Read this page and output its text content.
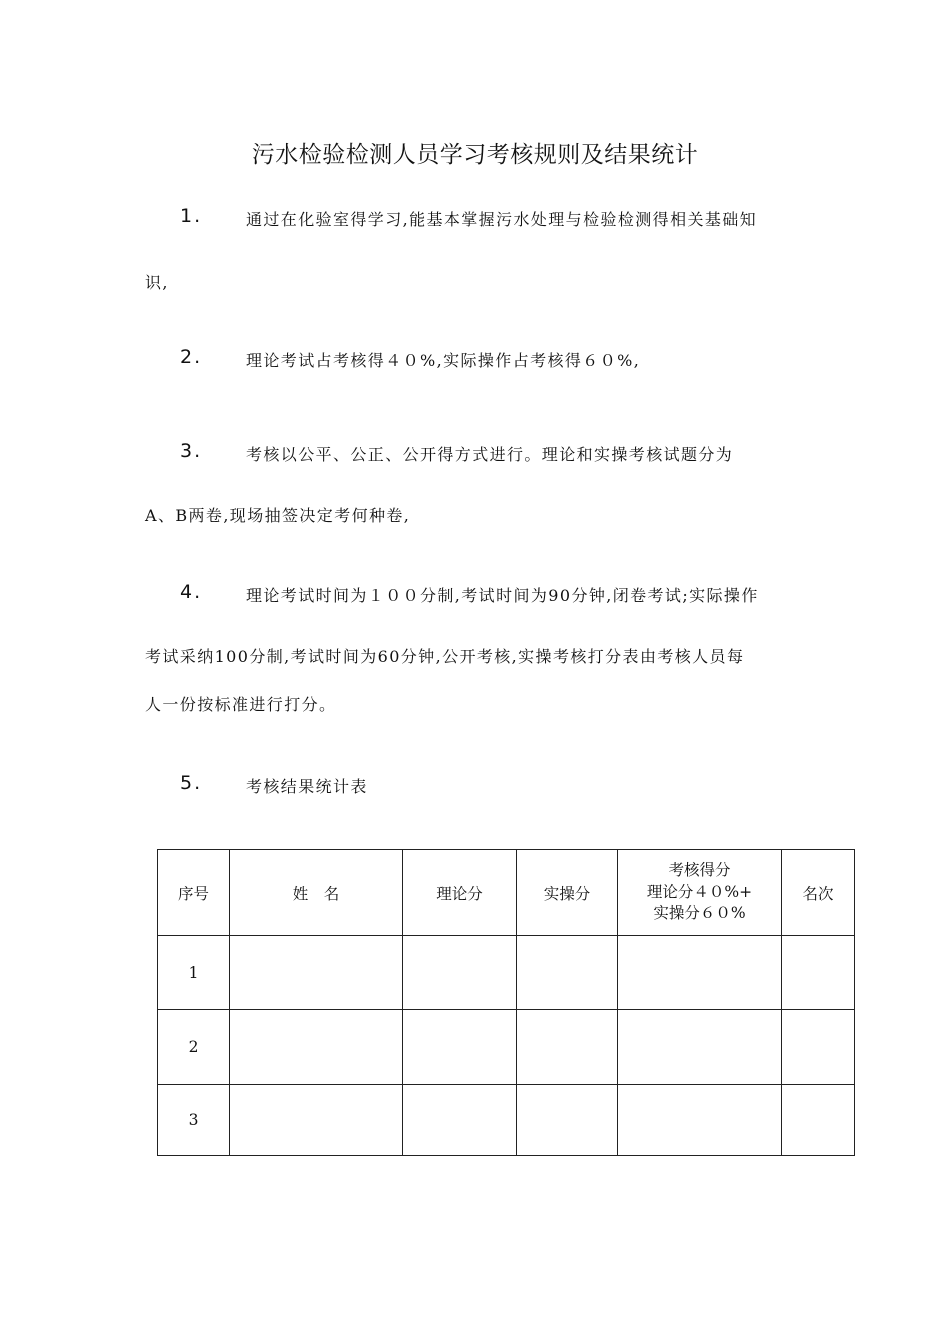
污水检验检测人员学习考核规则及结果统计
1.	通过在化验室得学习,能基本掌握污水处理与检验检测得相关基础知
识,
2.	理论考试占考核得４０%,实际操作占考核得６０%,
3.	考核以公平、公正、公开得方式进行。理论和实操考核试题分为
A、B两卷,现场抽签决定考何种卷,
4.	理论考试时间为１００分制,考试时间为90分钟,闭卷考试;实际操作
考试采纳100分制,考试时间为60分钟,公开考核,实操考核打分表由考核人员每
人一份按标准进行打分。
5.	考核结果统计表
序号	姓　名	理论分	实操分	考核得分
理论分４０%+
实操分６０%	名次
1					
2					
3					
